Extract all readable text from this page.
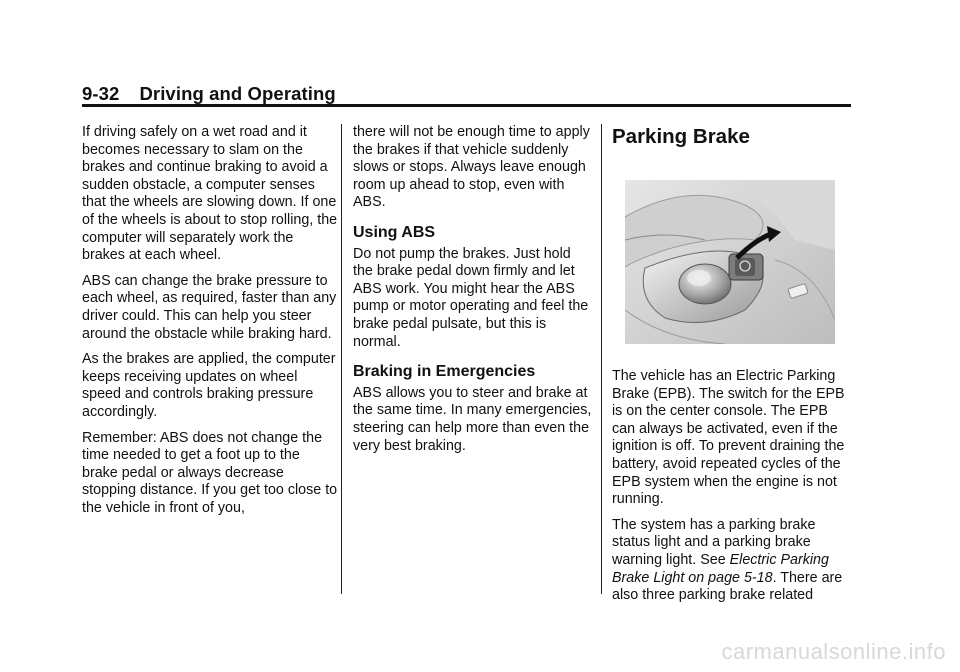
9-32 Driving and Operating

If driving safely on a wet road and it becomes necessary to slam on the brakes and continue braking to avoid a sudden obstacle, a computer senses that the wheels are slowing down. If one of the wheels is about to stop rolling, the computer will separately work the brakes at each wheel.

ABS can change the brake pressure to each wheel, as required, faster than any driver could. This can help you steer around the obstacle while braking hard.

As the brakes are applied, the computer keeps receiving updates on wheel speed and controls braking pressure accordingly.

Remember: ABS does not change the time needed to get a foot up to the brake pedal or always decrease stopping distance. If you get too close to the vehicle in front of you,

there will not be enough time to apply the brakes if that vehicle suddenly slows or stops. Always leave enough room up ahead to stop, even with ABS.

Using ABS

Do not pump the brakes. Just hold the brake pedal down firmly and let ABS work. You might hear the ABS pump or motor operating and feel the brake pedal pulsate, but this is normal.

Braking in Emergencies

ABS allows you to steer and brake at the same time. In many emergencies, steering can help more than even the very best braking.

Parking Brake

The vehicle has an Electric Parking Brake (EPB). The switch for the EPB is on the center console. The EPB can always be activated, even if the ignition is off. To prevent draining the battery, avoid repeated cycles of the EPB system when the engine is not running.

The system has a parking brake status light and a parking brake warning light. See Electric Parking Brake Light on page 5-18. There are also three parking brake related

carmanualsonline.info
